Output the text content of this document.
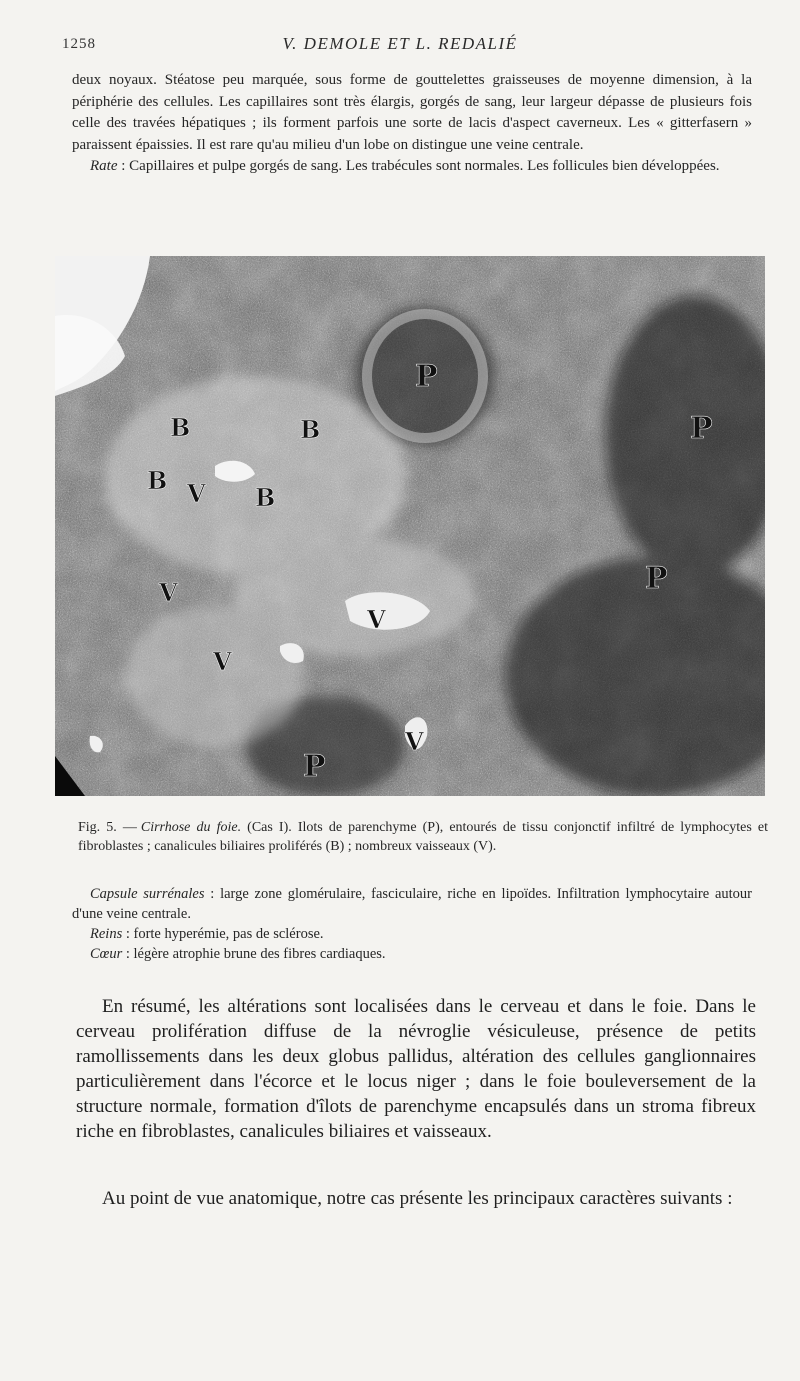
1258	V. DEMOLE ET L. REDALIÉ

deux noyaux. Stéatose peu marquée, sous forme de gouttelettes graisseuses de moyenne dimension, à la périphérie des cellules. Les capillaires sont très élargis, gorgés de sang, leur largeur dépasse de plusieurs fois celle des travées hépatiques ; ils forment parfois une sorte de lacis d'aspect caverneux. Les « gitterfasern » paraissent épaissies. Il est rare qu'au milieu d'un lobe on distingue une veine centrale.

Rate : Capillaires et pulpe gorgés de sang. Les trabécules sont normales. Les follicules bien développées.

P
P
P
P
B	B
B
B
V
V
V
V
V
Fig. 5. — Cirrhose du foie. (Cas I). Ilots de parenchyme (P), entourés de tissu conjonctif infiltré de lymphocytes et fibroblastes ; canalicules biliaires proliférés (B) ; nombreux vaisseaux (V).

Capsule surrénales : large zone glomérulaire, fasciculaire, riche en lipoïdes. Infiltration lymphocytaire autour d'une veine centrale.

Reins : forte hyperémie, pas de sclérose.

Cœur : légère atrophie brune des fibres cardiaques.

En résumé, les altérations sont localisées dans le cerveau et dans le foie. Dans le cerveau prolifération diffuse de la névroglie vésiculeuse, présence de petits ramollissements dans les deux globus pallidus, altération des cellules ganglionnaires particulièrement dans l'écorce et le locus niger ; dans le foie bouleversement de la structure normale, formation d'îlots de parenchyme encapsulés dans un stroma fibreux riche en fibroblastes, canalicules biliaires et vaisseaux.

Au point de vue anatomique, notre cas présente les principaux caractères suivants :
